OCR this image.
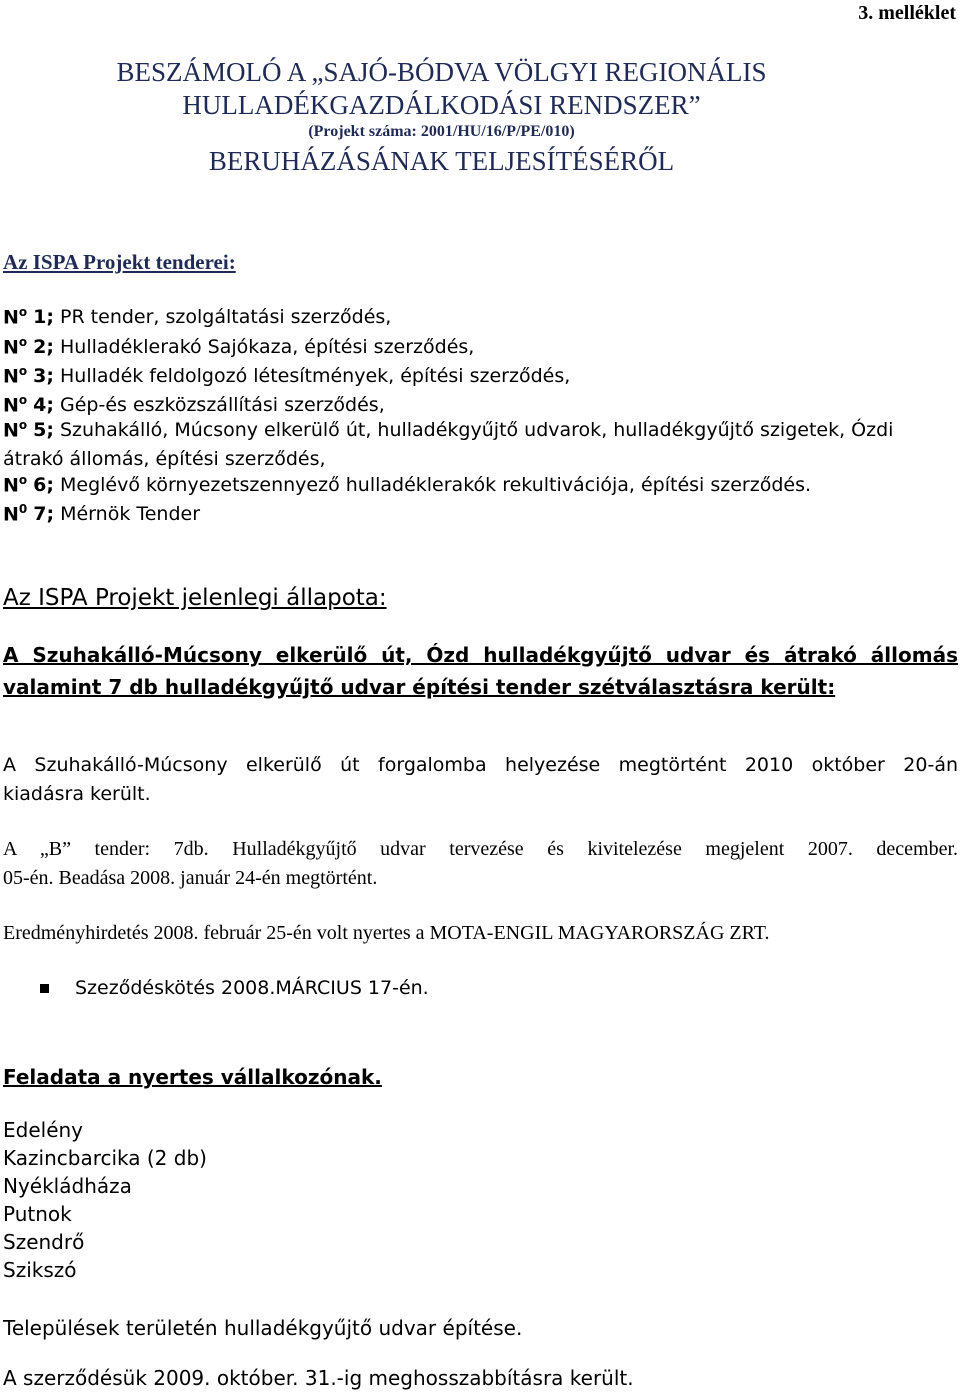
3. melléklet
BESZÁMOLÓ A „SAJÓ-BÓDVA VÖLGYI REGIONÁLIS
HULLADÉKGAZDÁLKODÁSI RENDSZER”
(Projekt száma: 2001/HU/16/P/PE/010)
BERUHÁZÁSÁNAK TELJESÍTÉSÉRŐL
Az ISPA Projekt tenderei:
$N^o$ 1; PR tender, szolgáltatási szerződés,
$N^o$ 2; Hulladéklerakó Sajókaza, építési szerződés,
$N^o$ 3; Hulladék feldolgozó létesítmények, építési szerződés,
$N^o$ 4; Gép-és eszközszállítási szerződés,
$N^o$ 5; Szuhakálló, Múcsony elkerülő út, hulladékgyűjtő udvarok, hulladékgyűjtő szigetek, Ózdi
átrakó állomás, építési szerződés,
$N^o$ 6; Meglévő környezetszennyező hulladéklerakók rekultivációja, építési szerződés.
$N^0$ 7; Mérnök Tender
Az ISPA Projekt jelenlegi állapota:
A Szuhakálló-Múcsony elkerülő út, Ózd hulladékgyűjtő udvar és átrakó állomás
valamint 7 db hulladékgyűjtő udvar építési tender szétválasztásra került:
A Szuhakálló-Múcsony elkerülő út forgalomba helyezése megtörtént 2010 október 20-án
kiadásra került.
A „B” tender: 7db. Hulladékgyűjtő udvar tervezése és kivitelezése megjelent 2007. december.
05-én. Beadása 2008. január 24-én megtörtént.
Eredményhirdetés 2008. február 25-én volt nyertes a MOTA-ENGIL MAGYARORSZÁG ZRT.
Szeződéskötés 2008.MÁRCIUS 17-én.
Feladata a nyertes vállalkozónak.
Edelény
Kazincbarcika (2 db)
Nyékládháza
Putnok
Szendrő
Szikszó
Települések területén hulladékgyűjtő udvar építése.
A szerződésük 2009. október. 31.-ig meghosszabbításra került.
